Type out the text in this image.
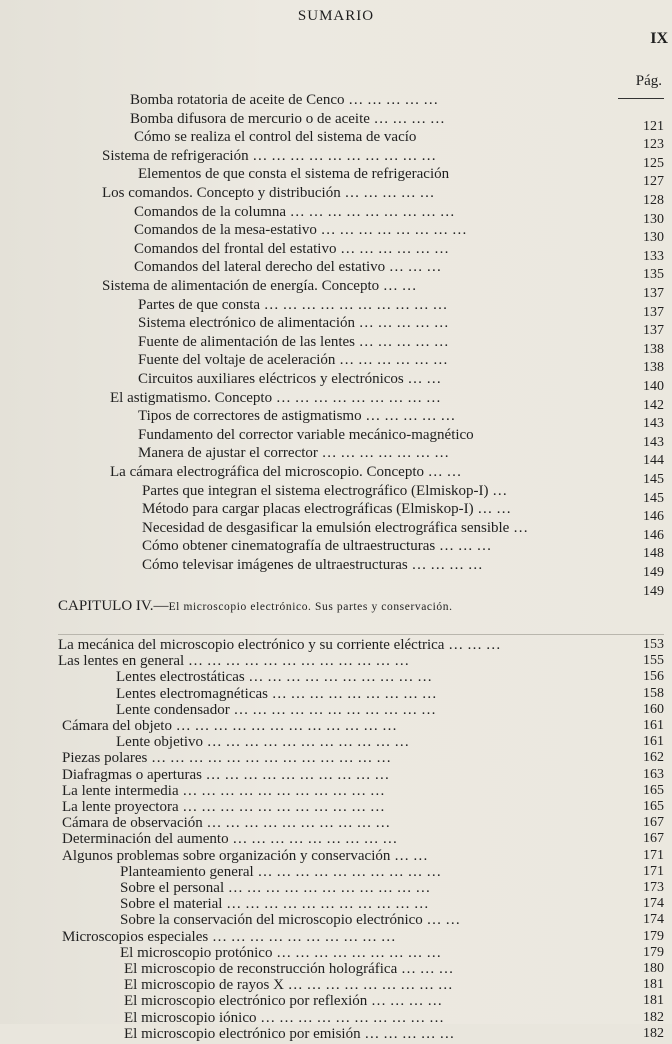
SUMARIO
IX
Pág.
Bomba rotatoria de aceite de Cenco … … … … …
Bomba difusora de mercurio o de aceite … … … …	121
Cómo se realiza el control del sistema de vacío	123
Sistema de refrigeración … … … … … … … … … …	125
Elementos de que consta el sistema de refrigeración	127
Los comandos. Concepto y distribución … … … … …	128
Comandos de la columna … … … … … … … … …	130
Comandos de la mesa-estativo … … … … … … … …	130
Comandos del frontal del estativo … … … … … …	133
Comandos del lateral derecho del estativo … … …	135
Sistema de alimentación de energía. Concepto … …	137
Partes de que consta … … … … … … … … … …	137
Sistema electrónico de alimentación … … … … …	137
Fuente de alimentación de las lentes … … … … …	138
Fuente del voltaje de aceleración … … … … … …	138
Circuitos auxiliares eléctricos y electrónicos … …	140
El astigmatismo. Concepto … … … … … … … … …	142
Tipos de correctores de astigmatismo … … … … …	143
Fundamento del corrector variable mecánico-magnético	143
Manera de ajustar el corrector … … … … … … …	144
La cámara electrográfica del microscopio. Concepto … …	145
Partes que integran el sistema electrográfico (Elmiskop-I) …	145
Método para cargar placas electrográficas (Elmiskop-I) … …	146
Necesidad de desgasificar la emulsión electrográfica sensible …	146
Cómo obtener cinematografía de ultraestructuras … … …	148
Cómo televisar imágenes de ultraestructuras … … … …	149
149
CAPITULO IV.—El microscopio electrónico. Sus partes y conservación.
La mecánica del microscopio electrónico y su corriente eléctrica … … …	153
Las lentes en general … … … … … … … … … … … …	155
Lentes electrostáticas … … … … … … … … … …	156
Lentes electromagnéticas … … … … … … … … …	158
Lente condensador … … … … … … … … … … …	160
Cámara del objeto … … … … … … … … … … … …	161
Lente objetivo … … … … … … … … … … …	161
Piezas polares … … … … … … … … … … … … …	162
Diafragmas o aperturas … … … … … … … … … …	163
La lente intermedia … … … … … … … … … … …	165
La lente proyectora … … … … … … … … … … …	165
Cámara de observación … … … … … … … … … …	167
Determinación del aumento … … … … … … … … …	167
Algunos problemas sobre organización y conservación … …	171
Planteamiento general … … … … … … … … … …	171
Sobre el personal … … … … … … … … … … …	173
Sobre el material … … … … … … … … … … …	174
Sobre la conservación del microscopio electrónico … …	174
Microscopios especiales … … … … … … … … … …	179
El microscopio protónico … … … … … … … … …	179
El microscopio de reconstrucción holográfica … … …	180
El microscopio de rayos X … … … … … … … … …	181
El microscopio electrónico por reflexión … … … …	181
El microscopio iónico … … … … … … … … … …	182
El microscopio electrónico por emisión … … … … …	182
